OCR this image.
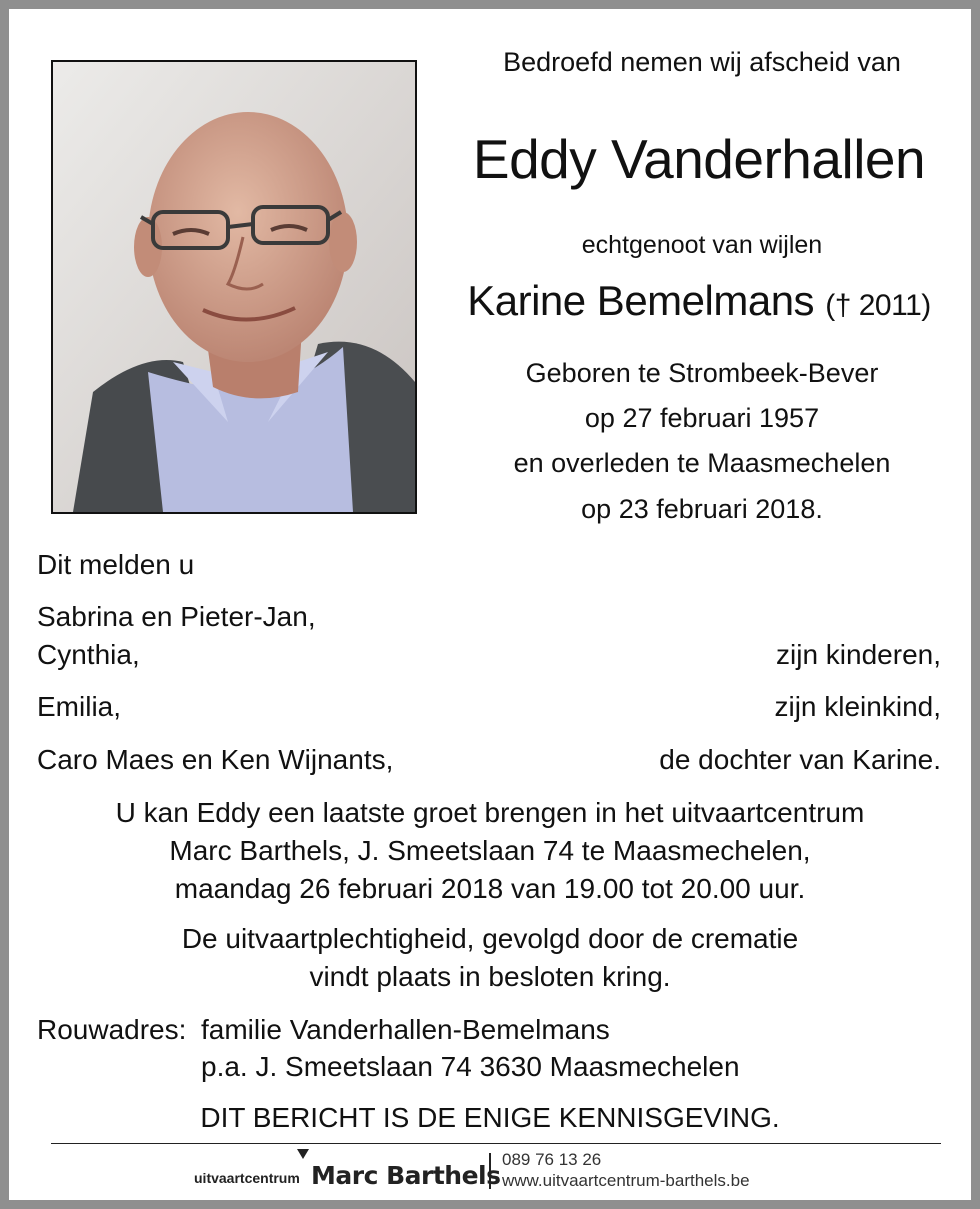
Bedroefd nemen wij afscheid van
Eddy Vanderhallen
echtgenoot van wijlen
Karine Bemelmans († 2011)
Geboren te Strombeek-Bever
op 27 februari 1957
en overleden te Maasmechelen
op 23 februari 2018.
Dit melden u
Sabrina en Pieter-Jan,
Cynthia,	zijn kinderen,
Emilia,	zijn kleinkind,
Caro Maes en Ken Wijnants,	de dochter van Karine.
U kan Eddy een laatste groet brengen in het uitvaartcentrum
Marc Barthels, J. Smeetslaan 74 te Maasmechelen,
maandag 26 februari 2018 van 19.00 tot 20.00 uur.
De uitvaartplechtigheid, gevolgd door de crematie
vindt plaats in besloten kring.
Rouwadres: familie Vanderhallen-Bemelmans
p.a. J. Smeetslaan 74 3630 Maasmechelen
DIT BERICHT IS DE ENIGE KENNISGEVING.
uitvaartcentrum Marc Barthels
089 76 13 26
www.uitvaartcentrum-barthels.be
